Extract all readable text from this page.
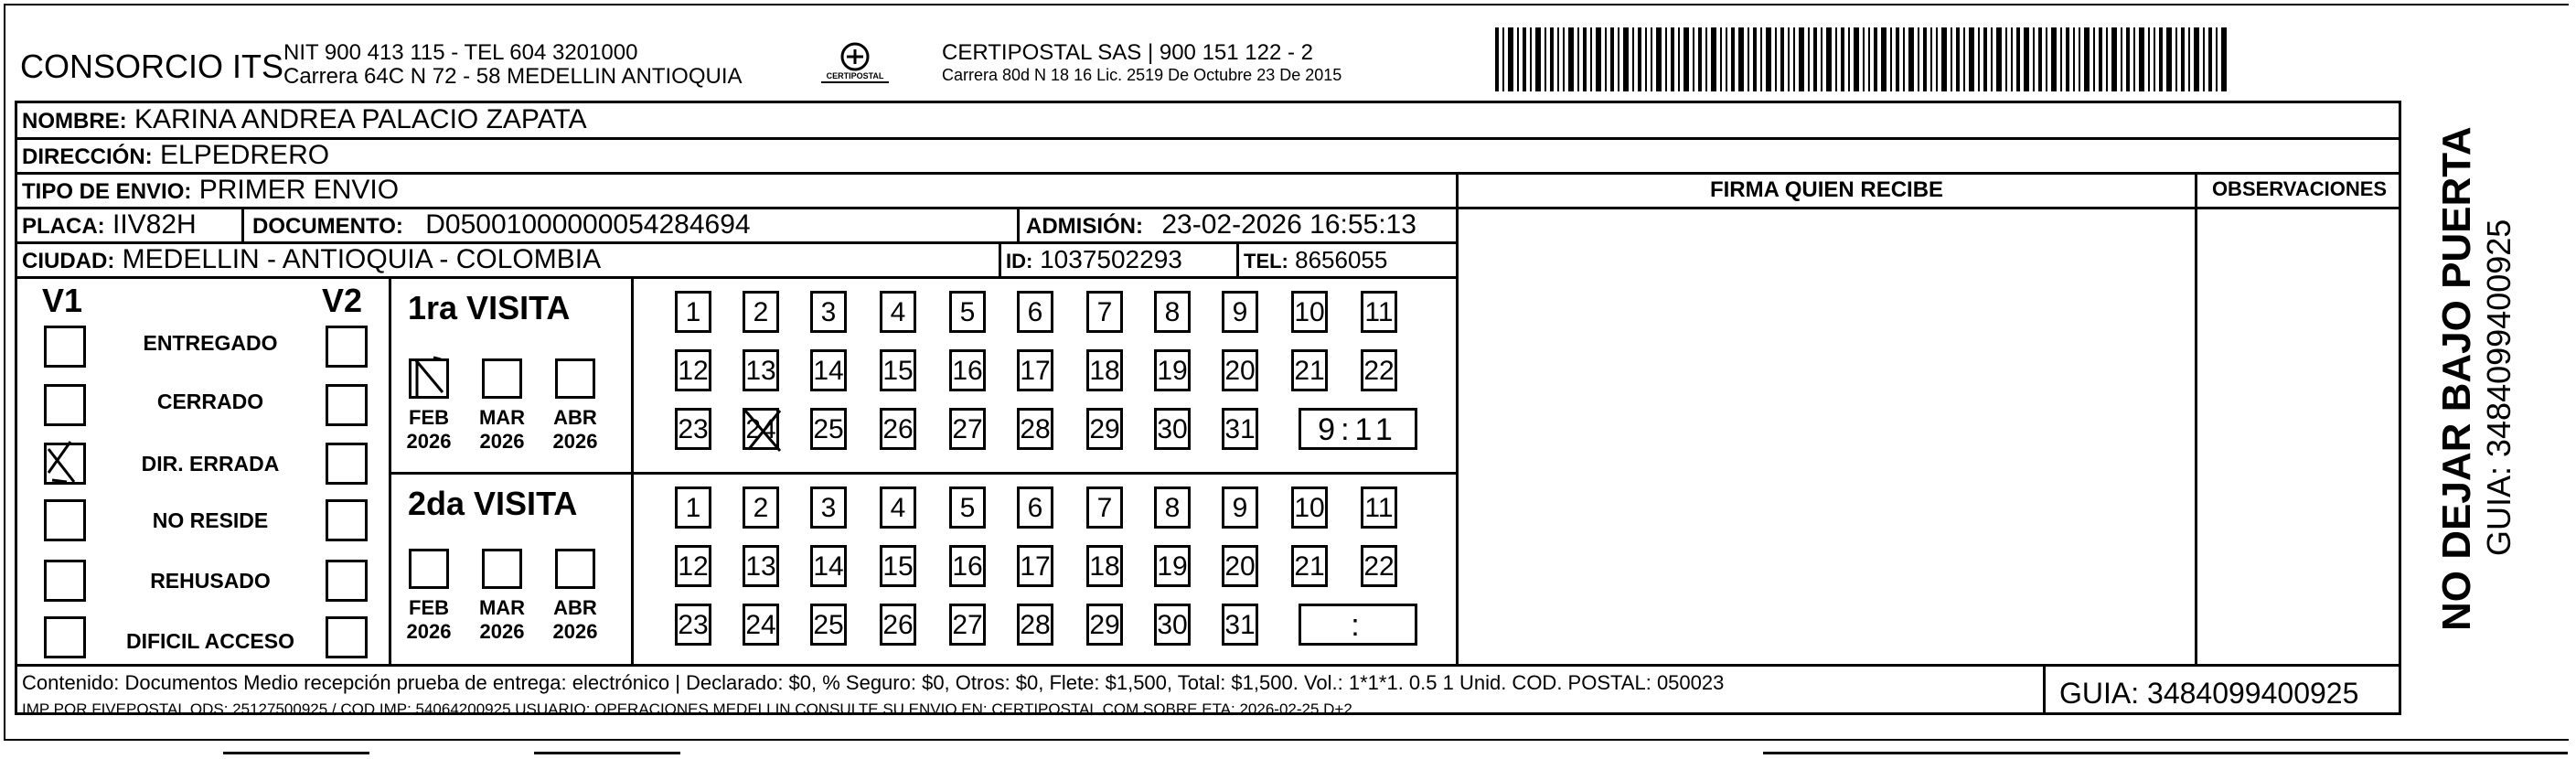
CONSORCIO ITS NIT 900 413 115 - TEL 604 3201000
Carrera 64C N 72 - 58 MEDELLIN ANTIOQUIA	CERTIPOSTAL
CERTIPOSTAL SAS | 900 151 122 - 2
Carrera 80d N 18 16 Lic. 2519 De Octubre 23 De 2015
NOMBRE: KARINA ANDREA PALACIO ZAPATA
DIRECCIÓN: ELPEDRERO
TIPO DE ENVIO: PRIMER ENVIO	FIRMA QUIEN RECIBE	OBSERVACIONES
PLACA: IIV82H	DOCUMENTO: D05001000000054284694	ADMISIÓN: 23-02-2026 16:55:13
CIUDAD: MEDELLIN - ANTIOQUIA - COLOMBIA	ID: 1037502293	TEL: 8656055
V1	V2
ENTREGADO
CERRADO
DIR. ERRADA
NO RESIDE
REHUSADO
DIFICIL ACCESO
1ra VISITA
FEB
2026
MAR
2026
ABR
2026
2da VISITA
FEB
2026
MAR
2026
ABR
2026
Contenido: Documentos Medio recepción prueba de entrega: electrónico | Declarado: $0, % Seguro: $0, Otros: $0, Flete: $1,500, Total: $1,500. Vol.: 1*1*1. 0.5 1 Unid. COD. POSTAL: 050023
IMP POR FIVEPOSTAL ODS: 25127500925 / COD.IMP: 54064200925 USUARIO: OPERACIONES MEDELLIN CONSULTE SU ENVIO EN: CERTIPOSTAL.COM SOBRE ETA: 2026-02-25 D+2	GUIA: 3484099400925
NO DEJAR BAJO PUERTA GUIA: 3484099400925
1	2	3	4	5	6	7	8	9	10 11
12 13 14 15 16 17 18 19 20 21 22
23 24 25 26 27 28 29 30 31	9:11
1	2	3	4	5	6	7	8	9	10 11
12 13 14 15 16 17 18 19 20 21 22
23 24 25 26 27 28 29 30 31	:
